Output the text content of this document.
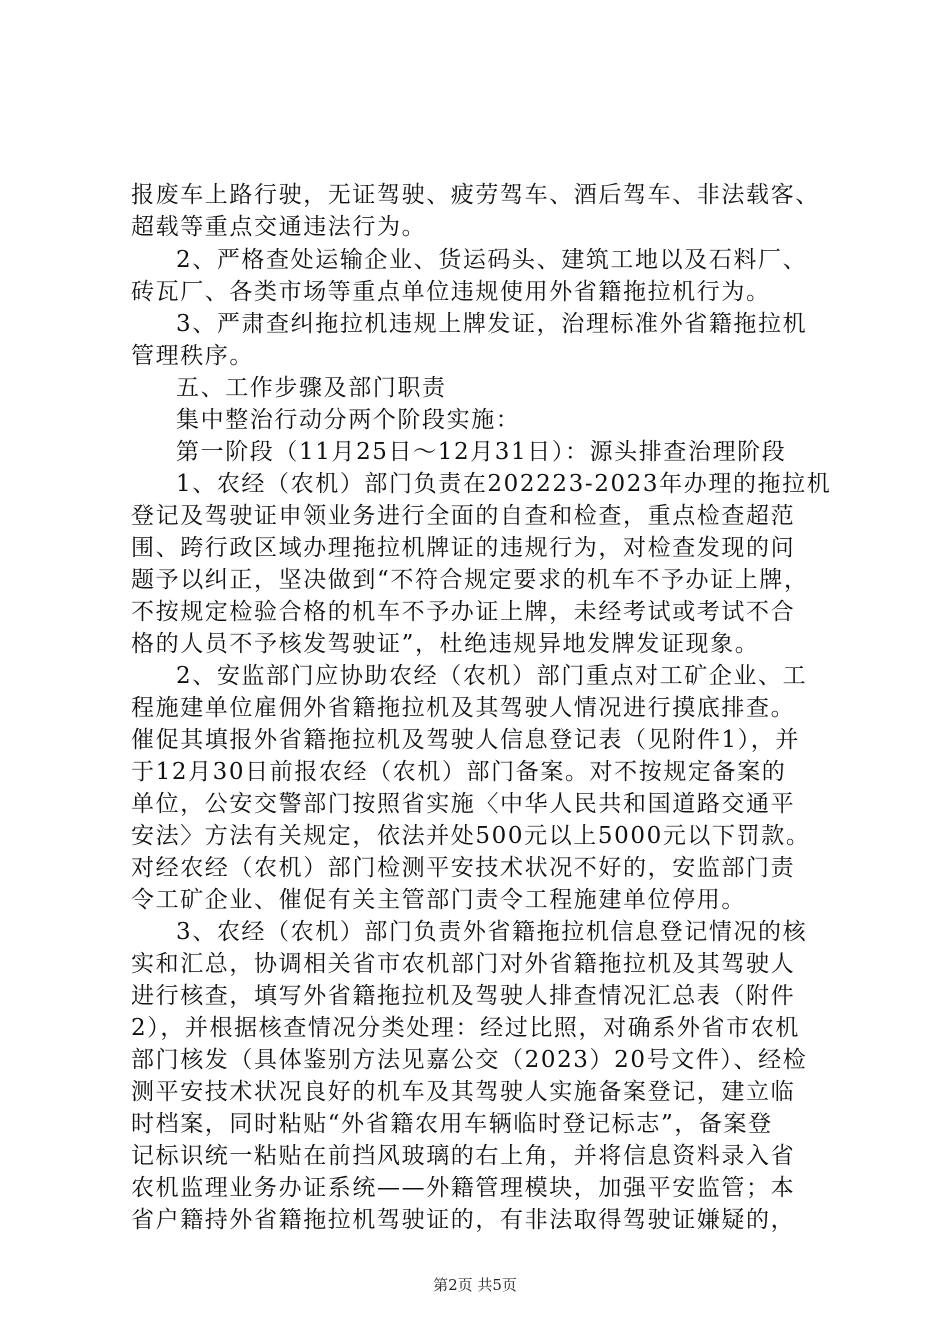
报废车上路行驶，无证驾驶、疲劳驾车、酒后驾车、非法载客、
超载等重点交通违法行为。
2、严格查处运输企业、货运码头、建筑工地以及石料厂、
砖瓦厂、各类市场等重点单位违规使用外省籍拖拉机行为。
3、严肃查纠拖拉机违规上牌发证，治理标准外省籍拖拉机
管理秩序。
五、工作步骤及部门职责
集中整治行动分两个阶段实施：
第一阶段（11月25日～12月31日）：源头排查治理阶段
1、农经（农机）部门负责在202223-2023年办理的拖拉机
登记及驾驶证申领业务进行全面的自查和检查，重点检查超范
围、跨行政区域办理拖拉机牌证的违规行为，对检查发现的问
题予以纠正，坚决做到“不符合规定要求的机车不予办证上牌，
不按规定检验合格的机车不予办证上牌，未经考试或考试不合
格的人员不予核发驾驶证”，杜绝违规异地发牌发证现象。
2、安监部门应协助农经（农机）部门重点对工矿企业、工
程施建单位雇佣外省籍拖拉机及其驾驶人情况进行摸底排查。
催促其填报外省籍拖拉机及驾驶人信息登记表（见附件1），并
于12月30日前报农经（农机）部门备案。对不按规定备案的
单位，公安交警部门按照省实施〈中华人民共和国道路交通平
安法〉方法有关规定，依法并处500元以上5000元以下罚款。
对经农经（农机）部门检测平安技术状况不好的，安监部门责
令工矿企业、催促有关主管部门责令工程施建单位停用。
3、农经（农机）部门负责外省籍拖拉机信息登记情况的核
实和汇总，协调相关省市农机部门对外省籍拖拉机及其驾驶人
进行核查，填写外省籍拖拉机及驾驶人排查情况汇总表（附件
2），并根据核查情况分类处理：经过比照，对确系外省市农机
部门核发（具体鉴别方法见嘉公交（2023）20号文件）、经检
测平安技术状况良好的机车及其驾驶人实施备案登记，建立临
时档案，同时粘贴“外省籍农用车辆临时登记标志”，备案登
记标识统一粘贴在前挡风玻璃的右上角，并将信息资料录入省
农机监理业务办证系统——外籍管理模块，加强平安监管；本
省户籍持外省籍拖拉机驾驶证的，有非法取得驾驶证嫌疑的，
第2页 共5页
